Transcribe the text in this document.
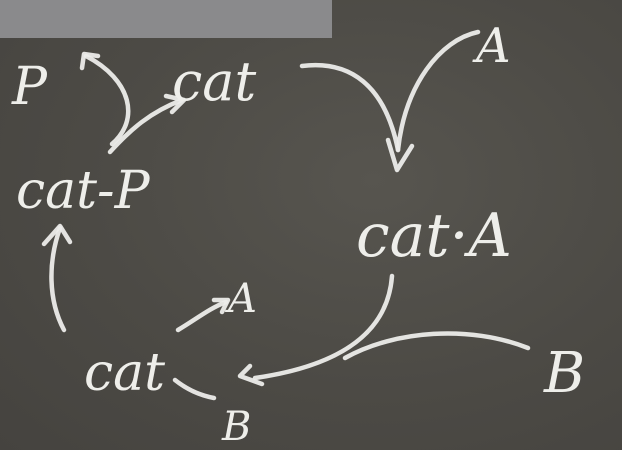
cat
A
cat·A
B
cat
A
B
cat-P
P
